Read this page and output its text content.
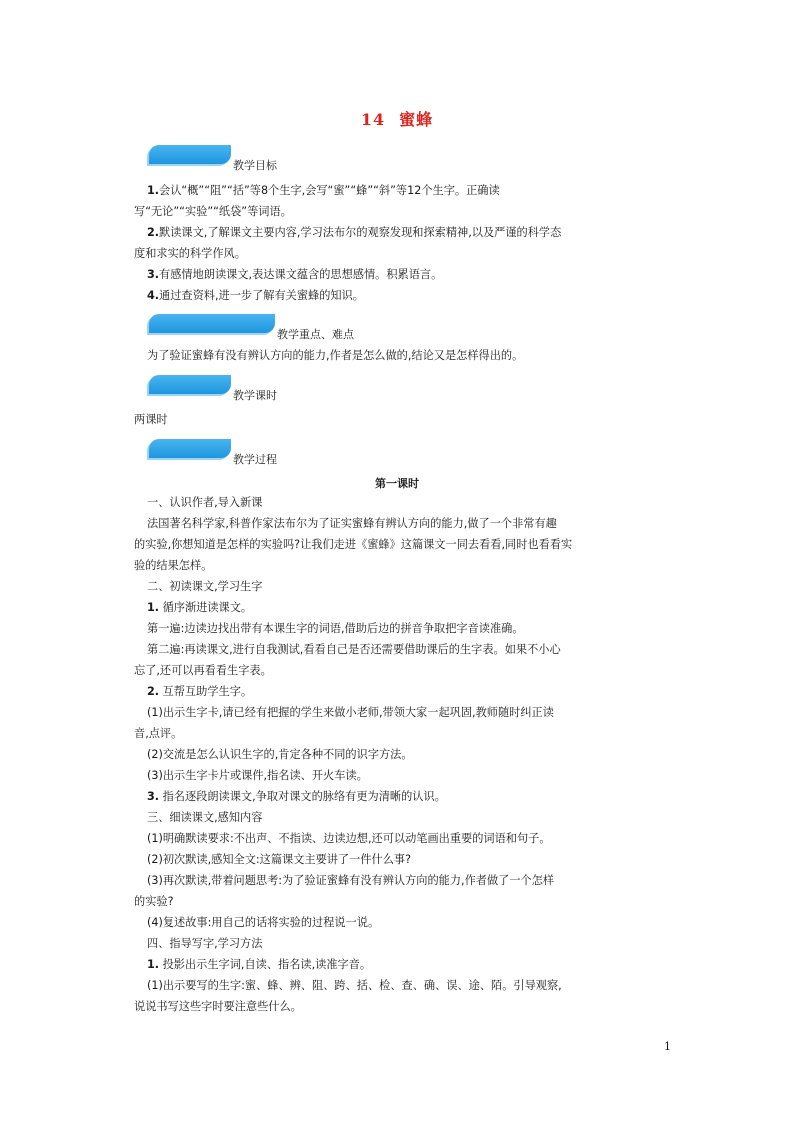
14 蜜蜂
教学目标
1.会认“概”“阻”“括”等8个生字,会写“蜜”“蜂”“斜”等12个生字。正确读
写“无论”“实验”“纸袋”等词语。
2.默读课文,了解课文主要内容,学习法布尔的观察发现和探索精神,以及严谨的科学态
度和求实的科学作风。
3.有感情地朗读课文,表达课文蕴含的思想感情。积累语言。
4.通过查资料,进一步了解有关蜜蜂的知识。
教学重点、难点
为了验证蜜蜂有没有辨认方向的能力,作者是怎么做的,结论又是怎样得出的。
教学课时
两课时
教学过程
第一课时
一、认识作者,导入新课
法国著名科学家,科普作家法布尔为了证实蜜蜂有辨认方向的能力,做了一个非常有趣
的实验,你想知道是怎样的实验吗?让我们走进《蜜蜂》这篇课文一同去看看,同时也看看实
验的结果怎样。
二、初读课文,学习生字
1. 循序渐进读课文。
第一遍:边读边找出带有本课生字的词语,借助后边的拼音争取把字音读准确。
第二遍:再读课文,进行自我测试,看看自己是否还需要借助课后的生字表。如果不小心
忘了,还可以再看看生字表。
2. 互帮互助学生字。
(1)出示生字卡,请已经有把握的学生来做小老师,带领大家一起巩固,教师随时纠正读
音,点评。
(2)交流是怎么认识生字的,肯定各种不同的识字方法。
(3)出示生字卡片或课件,指名读、开火车读。
3. 指名逐段朗读课文,争取对课文的脉络有更为清晰的认识。
三、细读课文,感知内容
(1)明确默读要求:不出声、不指读、边读边想,还可以动笔画出重要的词语和句子。
(2)初次默读,感知全文:这篇课文主要讲了一件什么事?
(3)再次默读,带着问题思考:为了验证蜜蜂有没有辨认方向的能力,作者做了一个怎样
的实验?
(4)复述故事:用自己的话将实验的过程说一说。
四、指导写字,学习方法
1. 投影出示生字词,自读、指名读,读准字音。
(1)出示要写的生字:蜜、蜂、辨、阻、跨、括、检、查、确、误、途、陌。引导观察,
说说书写这些字时要注意些什么。
1
